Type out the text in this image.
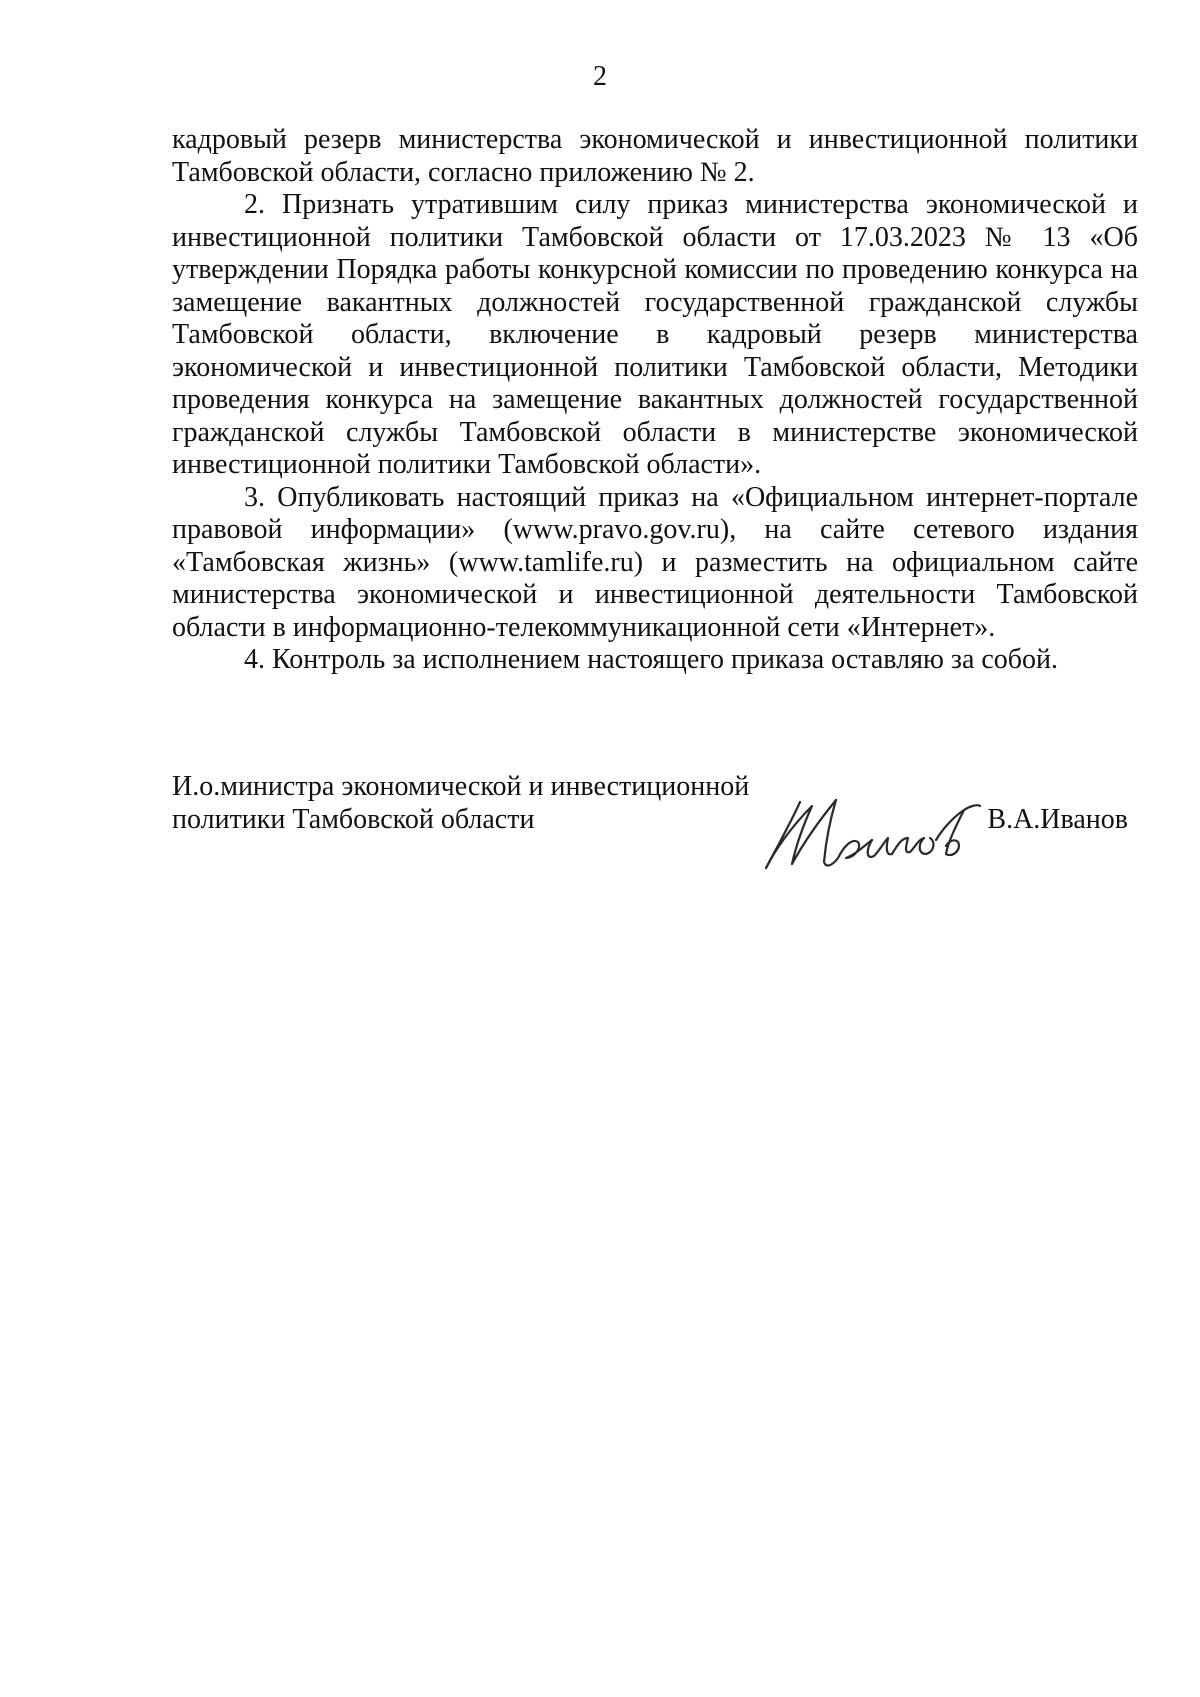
2

кадровый резерв министерства экономической и инвестиционной политики Тамбовской области, согласно приложению № 2.

2. Признать утратившим силу приказ министерства экономической и инвестиционной политики Тамбовской области от 17.03.2023 № 13 «Об утверждении Порядка работы конкурсной комиссии по проведению конкурса на замещение вакантных должностей государственной гражданской службы Тамбовской области, включение в кадровый резерв министерства экономической и инвестиционной политики Тамбовской области, Методики проведения конкурса на замещение вакантных должностей государственной гражданской службы Тамбовской области в министерстве экономической инвестиционной политики Тамбовской области».

3. Опубликовать настоящий приказ на «Официальном интернет-портале правовой информации» (www.pravo.gov.ru), на сайте сетевого издания «Тамбовская жизнь» (www.tamlife.ru) и разместить на официальном сайте министерства экономической и инвестиционной деятельности Тамбовской области в информационно-телекоммуникационной сети «Интернет».

4. Контроль за исполнением настоящего приказа оставляю за собой.

И.о.министра экономической и инвестиционной
политики Тамбовской области	В.А.Иванов
